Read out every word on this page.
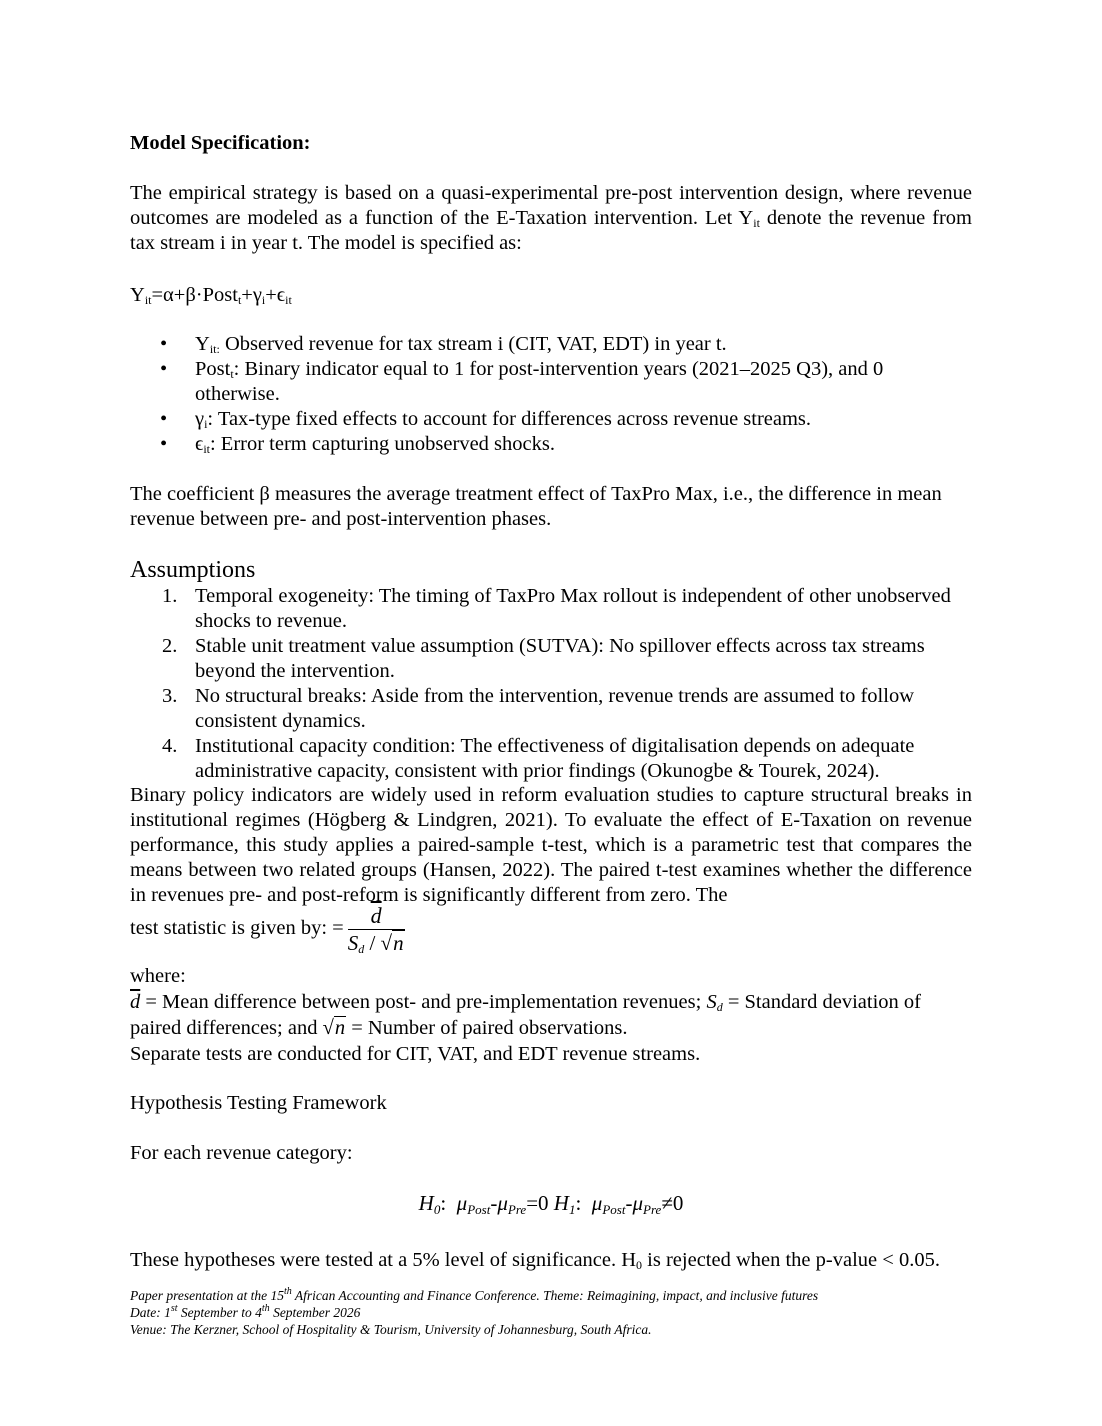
Model Specification:

The empirical strategy is based on a quasi-experimental pre-post intervention design, where revenue outcomes are modeled as a function of the E-Taxation intervention. Let $Y_{it}$ denote the revenue from tax stream i in year t. The model is specified as:

$Y_{it}=\alpha+\beta\cdot Post_t+\gamma_i+\epsilon_{it}$
• $Y_{it:}$ Observed revenue for tax stream i (CIT, VAT, EDT) in year t.
• Post$_t$: Binary indicator equal to 1 for post-intervention years (2021–2025 Q3), and 0 otherwise.
• $\gamma_i$: Tax-type fixed effects to account for differences across revenue streams.
• $\epsilon_{it}$: Error term capturing unobserved shocks.

The coefficient β measures the average treatment effect of TaxPro Max, i.e., the difference in mean revenue between pre- and post-intervention phases.

Assumptions
1. Temporal exogeneity: The timing of TaxPro Max rollout is independent of other unobserved shocks to revenue.
2. Stable unit treatment value assumption (SUTVA): No spillover effects across tax streams beyond the intervention.
3. No structural breaks: Aside from the intervention, revenue trends are assumed to follow consistent dynamics.
4. Institutional capacity condition: The effectiveness of digitalisation depends on adequate administrative capacity, consistent with prior findings (Okunogbe & Tourek, 2024).

Binary policy indicators are widely used in reform evaluation studies to capture structural breaks in institutional regimes (Högberg & Lindgren, 2021). To evaluate the effect of E-Taxation on revenue performance, this study applies a paired-sample t-test, which is a parametric test that compares the means between two related groups (Hansen, 2022). The paired t-test examines whether the difference in revenues pre- and post-reform is significantly different from zero. The

test statistic is given by: = $\frac{\overline{d}}{S_d / √n}$
where:
$\overline{d}$ = Mean difference between post- and pre-implementation revenues; $S_d$ = Standard deviation of
paired differences; and √n = Number of paired observations.
Separate tests are conducted for CIT, VAT, and EDT revenue streams.
Hypothesis Testing Framework
For each revenue category:
H0: μPost-μPre=0 H1: μPost-μPre≠0
These hypotheses were tested at a 5% level of significance. $H_0$ is rejected when the p-value < 0.05.
Paper presentation at the 15th African Accounting and Finance Conference. Theme: Reimagining, impact, and inclusive futures
Date: 1st September to 4th September 2026
Venue: The Kerzner, School of Hospitality & Tourism, University of Johannesburg, South Africa.
